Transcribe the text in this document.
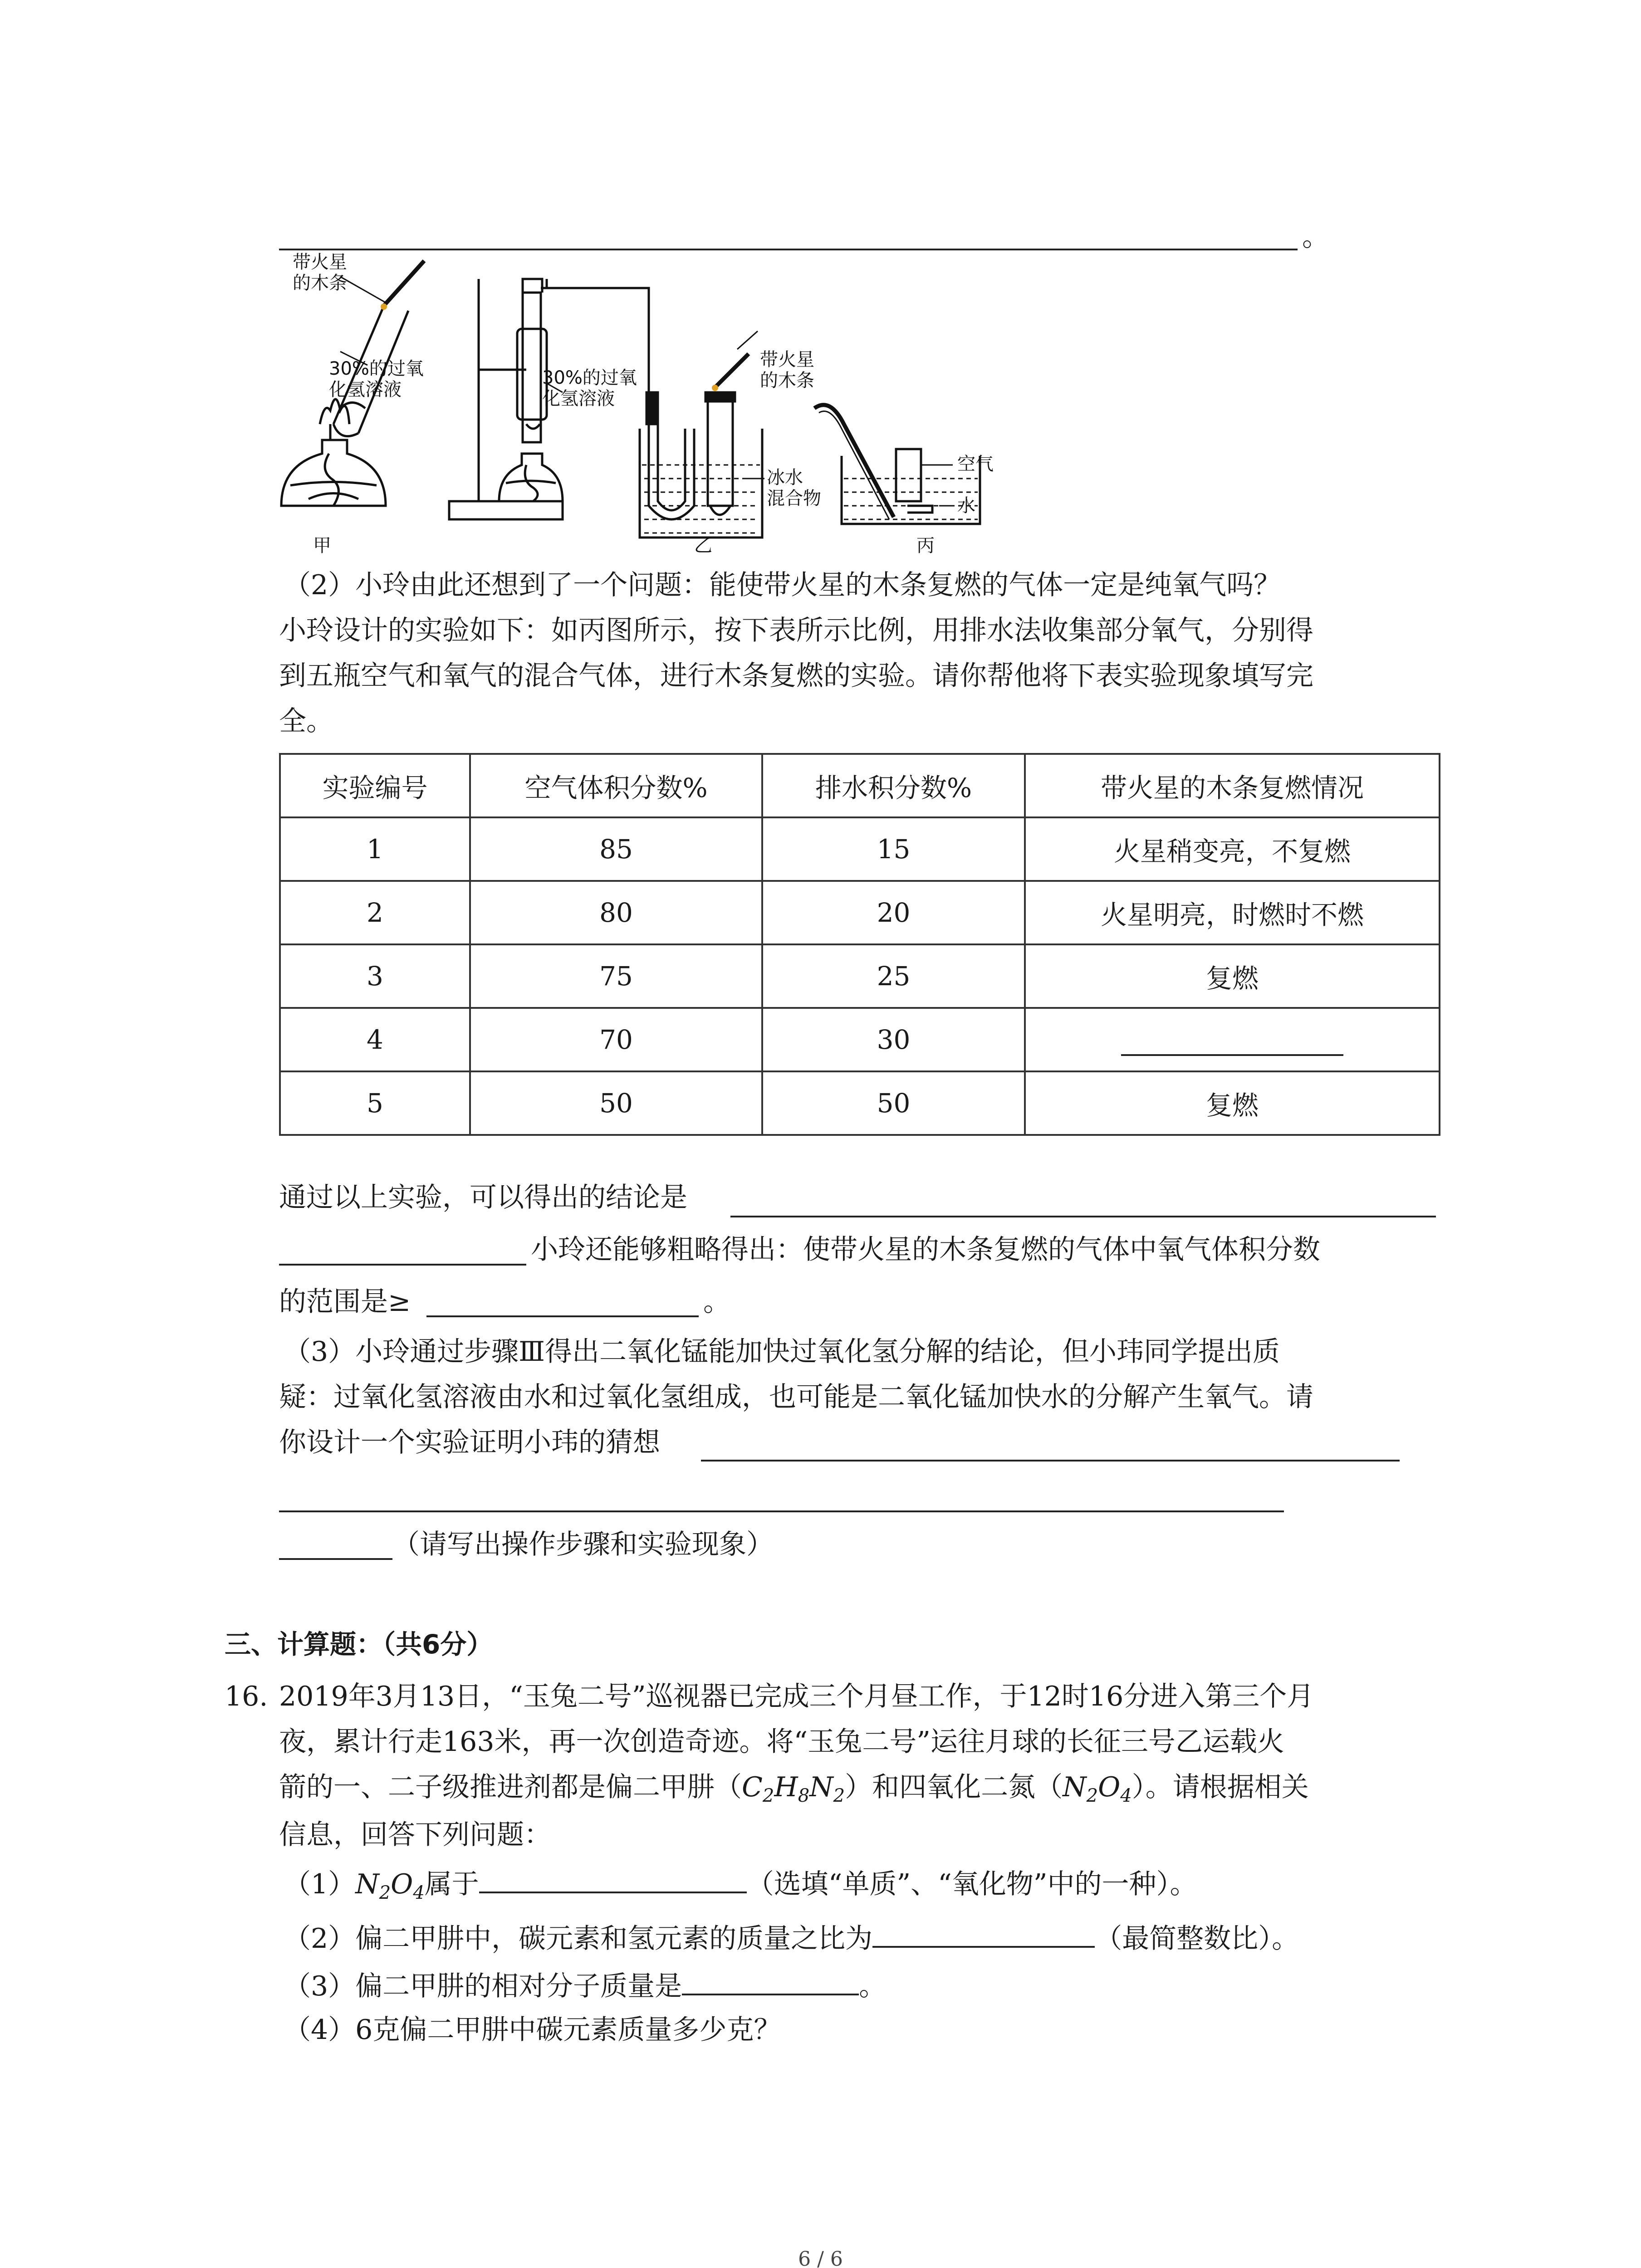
。
带火星
的木条
30%的过氧
化氢溶液
30%的过氧
化氢溶液
带火星
的木条
冰水
混合物
空气
水
甲	乙	丙
（2）小玲由此还想到了一个问题：能使带火星的木条复燃的气体一定是纯氧气吗？
小玲设计的实验如下：如丙图所示，按下表所示比例，用排水法收集部分氧气，分别得
到五瓶空气和氧气的混合气体，进行木条复燃的实验。请你帮他将下表实验现象填写完
全。
实验编号	空气体积分数%	排水积分数%	带火星的木条复燃情况
1	85	15	火星稍变亮，不复燃
2	80	20	火星明亮，时燃时不燃
3	75	25	复燃
4	70	30	
5	50	50	复燃
通过以上实验，可以得出的结论是
小玲还能够粗略得出：使带火星的木条复燃的气体中氧气体积分数
的范围是≥	。
（3）小玲通过步骤Ⅲ得出二氧化锰能加快过氧化氢分解的结论，但小玮同学提出质
疑：过氧化氢溶液由水和过氧化氢组成，也可能是二氧化锰加快水的分解产生氧气。请
你设计一个实验证明小玮的猜想
（请写出操作步骤和实验现象）
三、计算题：（共6分）
16. 2019年3月13日，“玉兔二号”巡视器已完成三个月昼工作，于12时16分进入第三个月
夜，累计行走163米，再一次创造奇迹。将“玉兔二号”运往月球的长征三号乙运载火
箭的一、二子级推进剂都是偏二甲肼$(C_2H_8N_2)$和四氧化二氮$(N_2O_4)$。请根据相关
信息，回答下列问题：
$(1)N_2O_4$属于	（选填“单质”、“氧化物”中的一种）。
（2）偏二甲肼中，碳元素和氢元素的质量之比为	（最简整数比）。
（3）偏二甲肼的相对分子质量是	。
（4）6克偏二甲肼中碳元素质量多少克？
6 / 6
